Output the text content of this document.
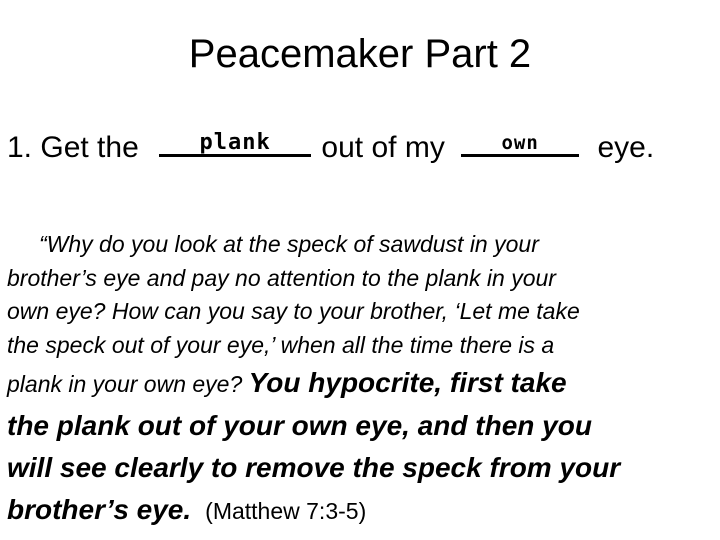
Peacemaker Part 2
1. Get the	plank	out of my	own	eye.
“Why do you look at the speck of sawdust in your
brother’s eye and pay no attention to the plank in your
own eye? How can you say to your brother, ‘Let me take
the speck out of your eye,’ when all the time there is a
plank in your own eye? You hypocrite, first take
the plank out of your own eye, and then you
will see clearly to remove the speck from your
brother’s eye. (Matthew 7:3-5)
